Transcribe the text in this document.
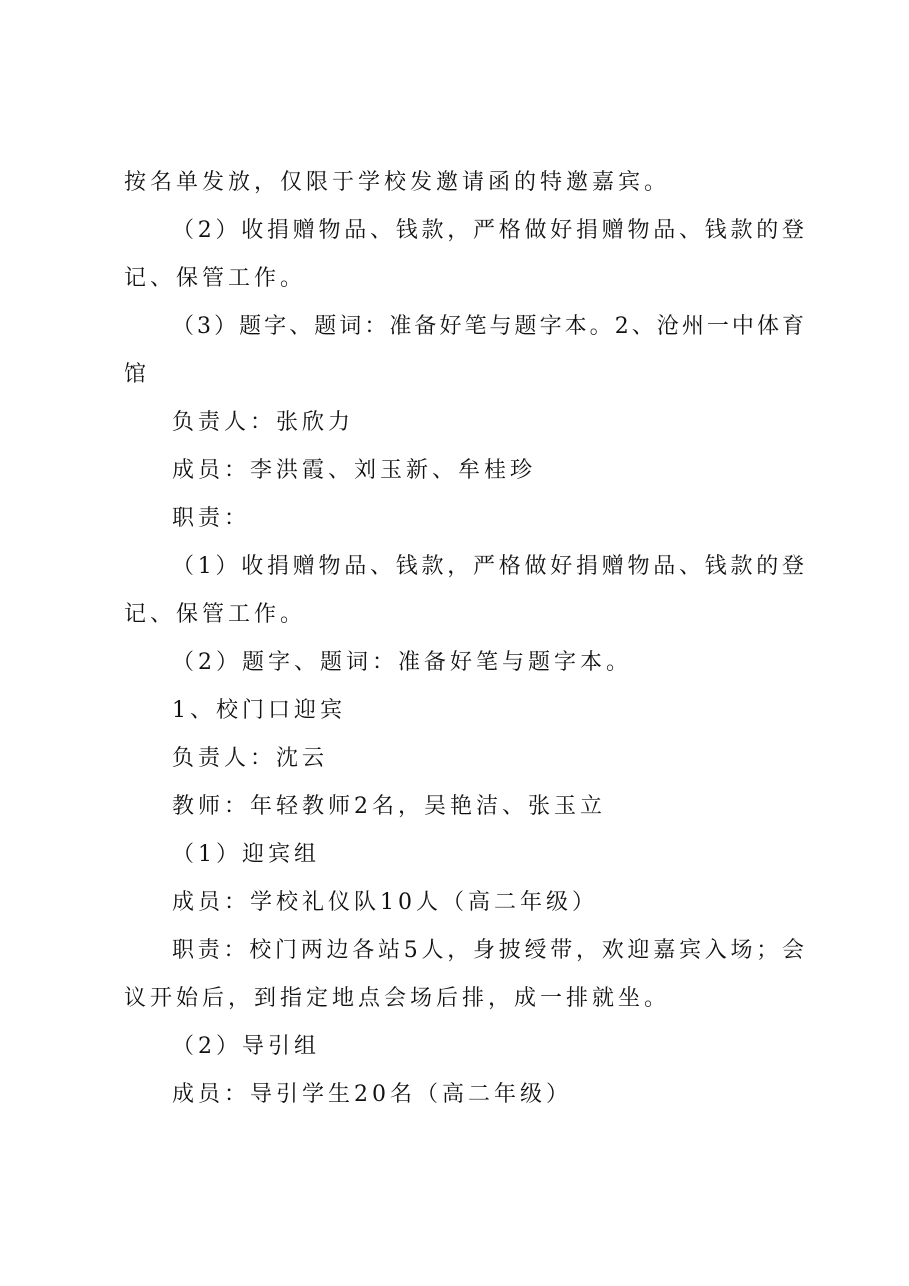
按名单发放，仅限于学校发邀请函的特邀嘉宾。
（2）收捐赠物品、钱款，严格做好捐赠物品、钱款的登
记、保管工作。
（3）题字、题词：准备好笔与题字本。2、沧州一中体育
馆
负责人：张欣力
成员：李洪霞、刘玉新、牟桂珍
职责：
（1）收捐赠物品、钱款，严格做好捐赠物品、钱款的登
记、保管工作。
（2）题字、题词：准备好笔与题字本。
1、校门口迎宾
负责人：沈云
教师：年轻教师2名，吴艳洁、张玉立
（1）迎宾组
成员：学校礼仪队10人（高二年级）
职责：校门两边各站5人，身披绶带，欢迎嘉宾入场；会
议开始后，到指定地点会场后排，成一排就坐。
（2）导引组
成员：导引学生20名（高二年级）
